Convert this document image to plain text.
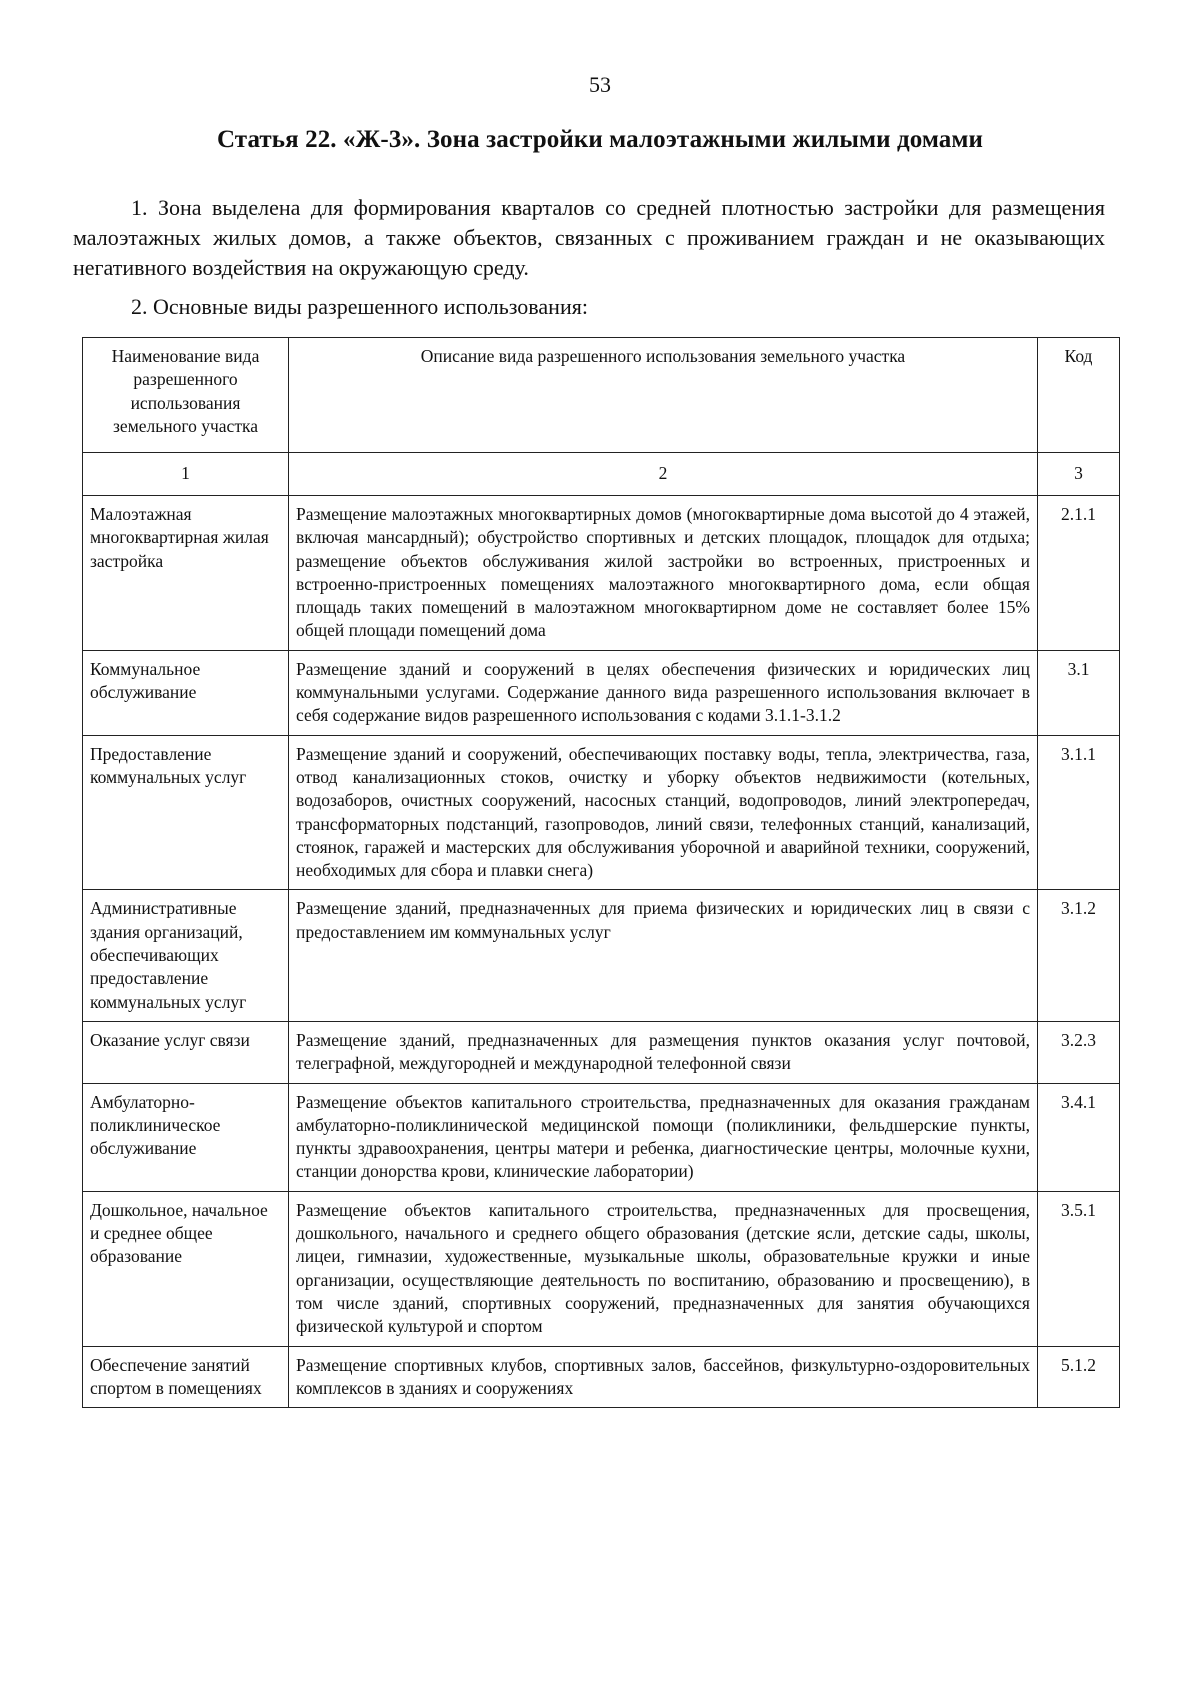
53
Статья 22. «Ж-3». Зона застройки малоэтажными жилыми домами
1. Зона выделена для формирования кварталов со средней плотностью застройки для размещения малоэтажных жилых домов, а также объектов, связанных с проживанием граждан и не оказывающих негативного воздействия на окружающую среду.
2. Основные виды разрешенного использования:
Наименование вида разрешенного использования земельного участка	Описание вида разрешенного использования земельного участка	Код
1	2	3
Малоэтажная многоквартирная жилая застройка	Размещение малоэтажных многоквартирных домов (многоквартирные дома высотой до 4 этажей, включая мансардный); обустройство спортивных и детских площадок, площадок для отдыха; размещение объектов обслуживания жилой застройки во встроенных, пристроенных и встроенно-пристроенных помещениях малоэтажного многоквартирного дома, если общая площадь таких помещений в малоэтажном многоквартирном доме не составляет более 15% общей площади помещений дома	2.1.1
Коммунальное обслуживание	Размещение зданий и сооружений в целях обеспечения физических и юридических лиц коммунальными услугами. Содержание данного вида разрешенного использования включает в себя содержание видов разрешенного использования с кодами 3.1.1-3.1.2	3.1
Предоставление коммунальных услуг	Размещение зданий и сооружений, обеспечивающих поставку воды, тепла, электричества, газа, отвод канализационных стоков, очистку и уборку объектов недвижимости (котельных, водозаборов, очистных сооружений, насосных станций, водопроводов, линий электропередач, трансформаторных подстанций, газопроводов, линий связи, телефонных станций, канализаций, стоянок, гаражей и мастерских для обслуживания уборочной и аварийной техники, сооружений, необходимых для сбора и плавки снега)	3.1.1
Административные здания организаций, обеспечивающих предоставление коммунальных услуг	Размещение зданий, предназначенных для приема физических и юридических лиц в связи с предоставлением им коммунальных услуг	3.1.2
Оказание услуг связи	Размещение зданий, предназначенных для размещения пунктов оказания услуг почтовой, телеграфной, междугородней и международной телефонной связи	3.2.3
Амбулаторно-поликлиническое обслуживание	Размещение объектов капитального строительства, предназначенных для оказания гражданам амбулаторно-поликлинической медицинской помощи (поликлиники, фельдшерские пункты, пункты здравоохранения, центры матери и ребенка, диагностические центры, молочные кухни, станции донорства крови, клинические лаборатории)	3.4.1
Дошкольное, начальное и среднее общее образование	Размещение объектов капитального строительства, предназначенных для просвещения, дошкольного, начального и среднего общего образования (детские ясли, детские сады, школы, лицеи, гимназии, художественные, музыкальные школы, образовательные кружки и иные организации, осуществляющие деятельность по воспитанию, образованию и просвещению), в том числе зданий, спортивных сооружений, предназначенных для занятия обучающихся физической культурой и спортом	3.5.1
Обеспечение занятий спортом в помещениях	Размещение спортивных клубов, спортивных залов, бассейнов, физкультурно-оздоровительных комплексов в зданиях и сооружениях	5.1.2
